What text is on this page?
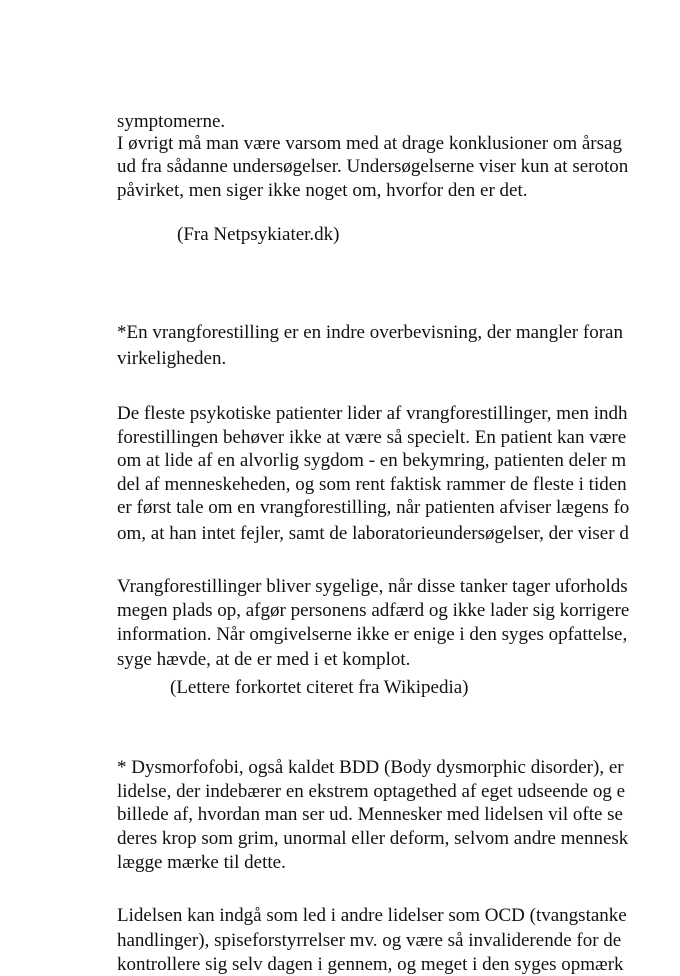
symptomerne.
I øvrigt må man være varsom med at drage konklusioner om årsag
ud fra sådanne undersøgelser. Undersøgelserne viser kun at seroton
påvirket, men siger ikke noget om, hvorfor den er det.
(Fra Netpsykiater.dk)
*En vrangforestilling er en indre overbevisning, der mangler foran
virkeligheden.
De fleste psykotiske patienter lider af vrangforestillinger, men indh
forestillingen behøver ikke at være så specielt. En patient kan være
om at lide af en alvorlig sygdom - en bekymring, patienten deler m
del af menneskeheden, og som rent faktisk rammer de fleste i tiden
er først tale om en vrangforestilling, når patienten afviser lægens fo
om, at han intet fejler, samt de laboratorieundersøgelser, der viser d
Vrangforestillinger bliver sygelige, når disse tanker tager uforholds
megen plads op, afgør personens adfærd og ikke lader sig korrigere
information. Når omgivelserne ikke er enige i den syges opfattelse,
syge hævde, at de er med i et komplot.
(Lettere forkortet citeret fra Wikipedia)
* Dysmorfofobi, også kaldet BDD (Body dysmorphic disorder), er
lidelse, der indebærer en ekstrem optagethed af eget udseende og e
billede af, hvordan man ser ud. Mennesker med lidelsen vil ofte se
deres krop som grim, unormal eller deform, selvom andre mennesk
lægge mærke til dette.
Lidelsen kan indgå som led i andre lidelser som OCD (tvangstanke
handlinger), spiseforstyrrelser mv. og være så invaliderende for de
kontrollere sig selv dagen i gennem, og meget i den syges opmærk
